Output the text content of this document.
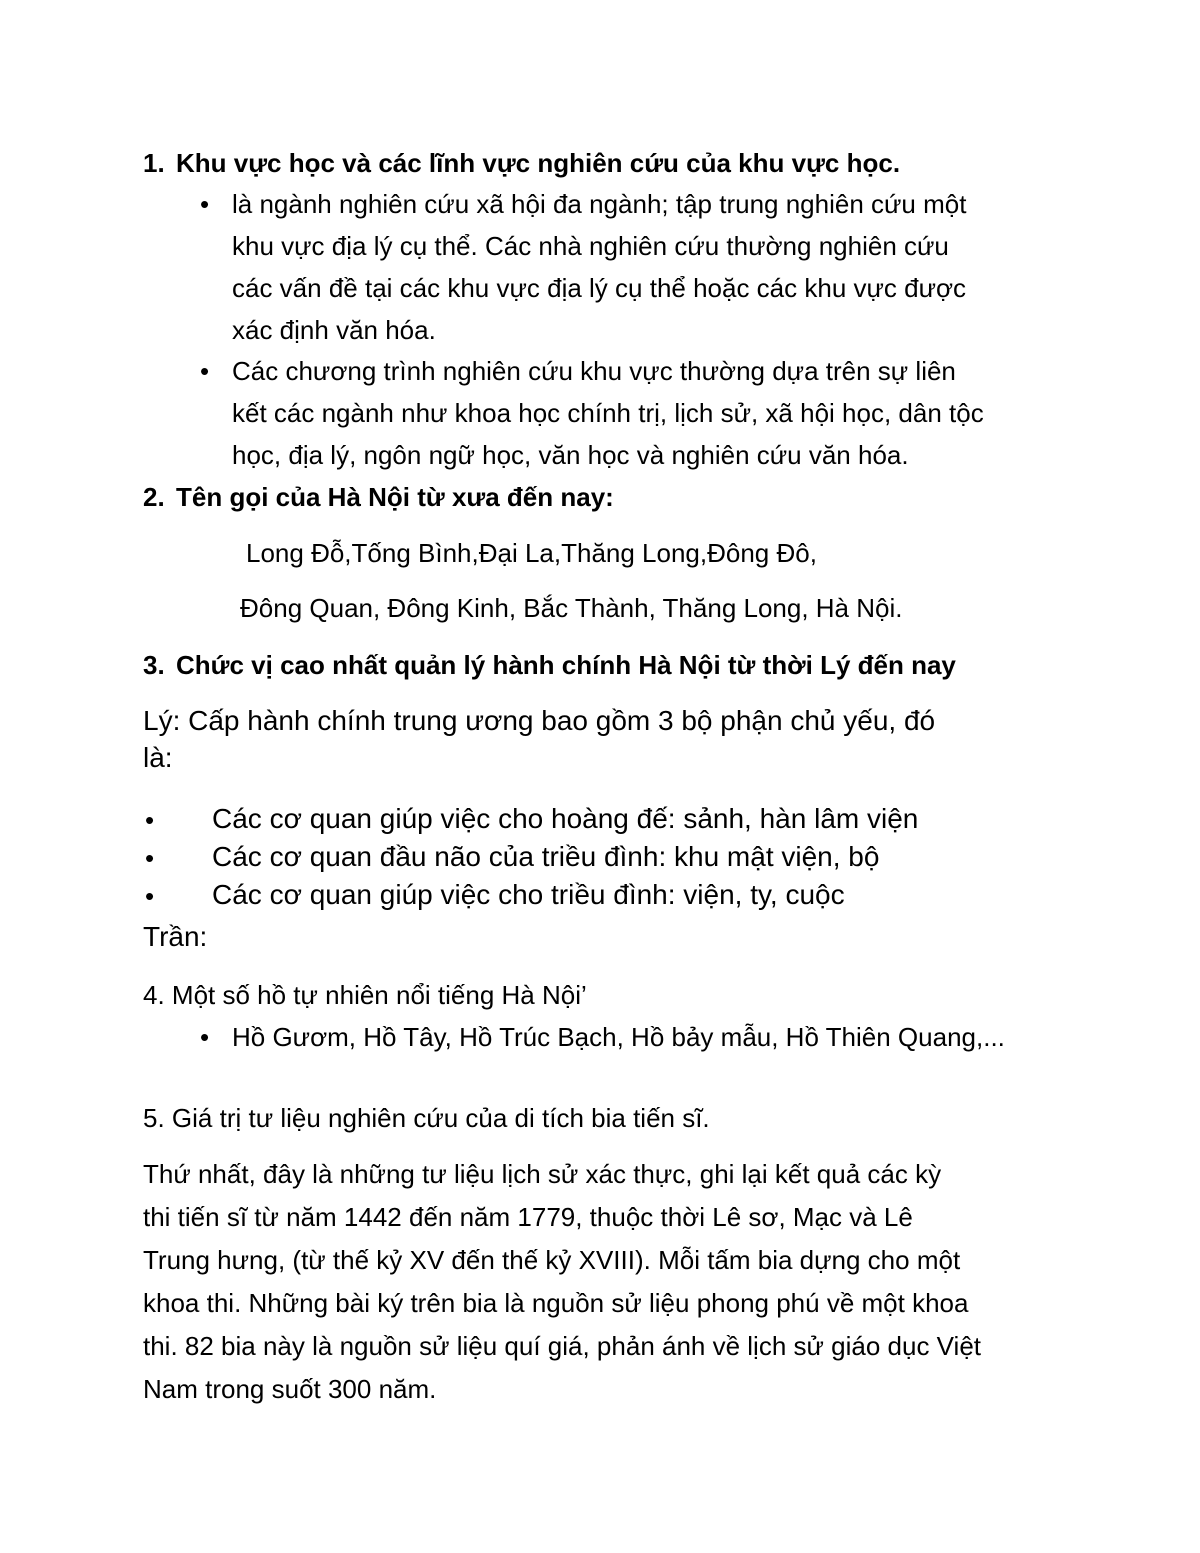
1. Khu vực học và các lĩnh vực nghiên cứu của khu vực học.
• là ngành nghiên cứu xã hội đa ngành; tập trung nghiên cứu một
khu vực địa lý cụ thể. Các nhà nghiên cứu thường nghiên cứu
các vấn đề tại các khu vực địa lý cụ thể hoặc các khu vực được
xác định văn hóa.
• Các chương trình nghiên cứu khu vực thường dựa trên sự liên
kết các ngành như khoa học chính trị, lịch sử, xã hội học, dân tộc
học, địa lý, ngôn ngữ học, văn học và nghiên cứu văn hóa.
2. Tên gọi của Hà Nội từ xưa đến nay:
Long Đỗ,Tống Bình,Đại La,Thăng Long,Đông Đô,
Đông Quan, Đông Kinh, Bắc Thành, Thăng Long, Hà Nội.
3. Chức vị cao nhất quản lý hành chính Hà Nội từ thời Lý đến nay
Lý: Cấp hành chính trung ương bao gồm 3 bộ phận chủ yếu, đó
là:
• Các cơ quan giúp việc cho hoàng đế: sảnh, hàn lâm viện
• Các cơ quan đầu não của triều đình: khu mật viện, bộ
• Các cơ quan giúp việc cho triều đình: viện, ty, cuộc
Trần:
4. Một số hồ tự nhiên nổi tiếng Hà Nội’
• Hồ Gươm, Hồ Tây, Hồ Trúc Bạch, Hồ bảy mẫu, Hồ Thiên Quang,...
5. Giá trị tư liệu nghiên cứu của di tích bia tiến sĩ.
Thứ nhất, đây là những tư liệu lịch sử xác thực, ghi lại kết quả các kỳ
thi tiến sĩ từ năm 1442 đến năm 1779, thuộc thời Lê sơ, Mạc và Lê
Trung hưng, (từ thế kỷ XV đến thế kỷ XVIII). Mỗi tấm bia dựng cho một
khoa thi. Những bài ký trên bia là nguồn sử liệu phong phú về một khoa
thi. 82 bia này là nguồn sử liệu quí giá, phản ánh về lịch sử giáo dục Việt
Nam trong suốt 300 năm.
